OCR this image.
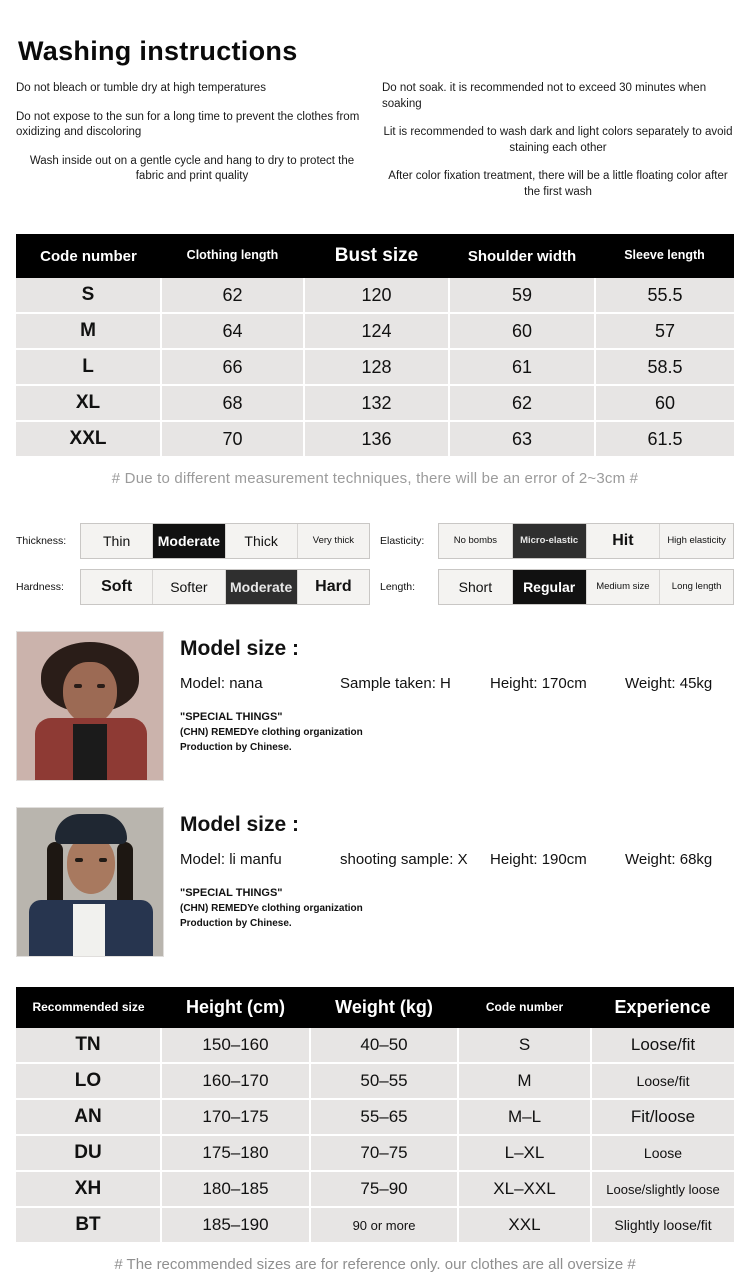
Washing instructions
Do not bleach or tumble dry at high temperatures
Do not expose to the sun for a long time to prevent the clothes from oxidizing and discoloring
Wash inside out on a gentle cycle and hang to dry to protect the fabric and print quality
Do not soak. it is recommended not to exceed 30 minutes when soaking
Lit is recommended to wash dark and light colors separately to avoid staining each other
After color fixation treatment, there will be a little floating color after the first wash
Code number	Clothing length	Bust size	Shoulder width	Sleeve length
S	62	120	59	55.5
M	64	124	60	57
L	66	128	61	58.5
XL	68	132	62	60
XXL	70	136	63	61.5
# Due to different measurement techniques, there will be an error of 2~3cm #
Thickness:	Thin	Moderate	Thick	Very thick	Elasticity:	No bombs	Micro-elastic	Hit	High elasticity
Hardness:	Soft	Softer	Moderate	Hard	Length:	Short	Regular	Medium size	Long length
Model size :
Model: nana	Sample taken: H	Height: 170cm	Weight: 45kg
"SPECIAL THINGS"
(CHN) REMEDYe clothing organization
Production by Chinese.
Model size :
Model: li manfu	shooting sample: X	Height: 190cm	Weight: 68kg
"SPECIAL THINGS"
(CHN) REMEDYe clothing organization
Production by Chinese.
Recommended size	Height (cm)	Weight (kg)	Code number	Experience
TN	150–160	40–50	S	Loose/fit
LO	160–170	50–55	M	Loose/fit
AN	170–175	55–65	M–L	Fit/loose
DU	175–180	70–75	L–XL	Loose
XH	180–185	75–90	XL–XXL	Loose/slightly loose
BT	185–190	90 or more	XXL	Slightly loose/fit
# The recommended sizes are for reference only. our clothes are all oversize #
